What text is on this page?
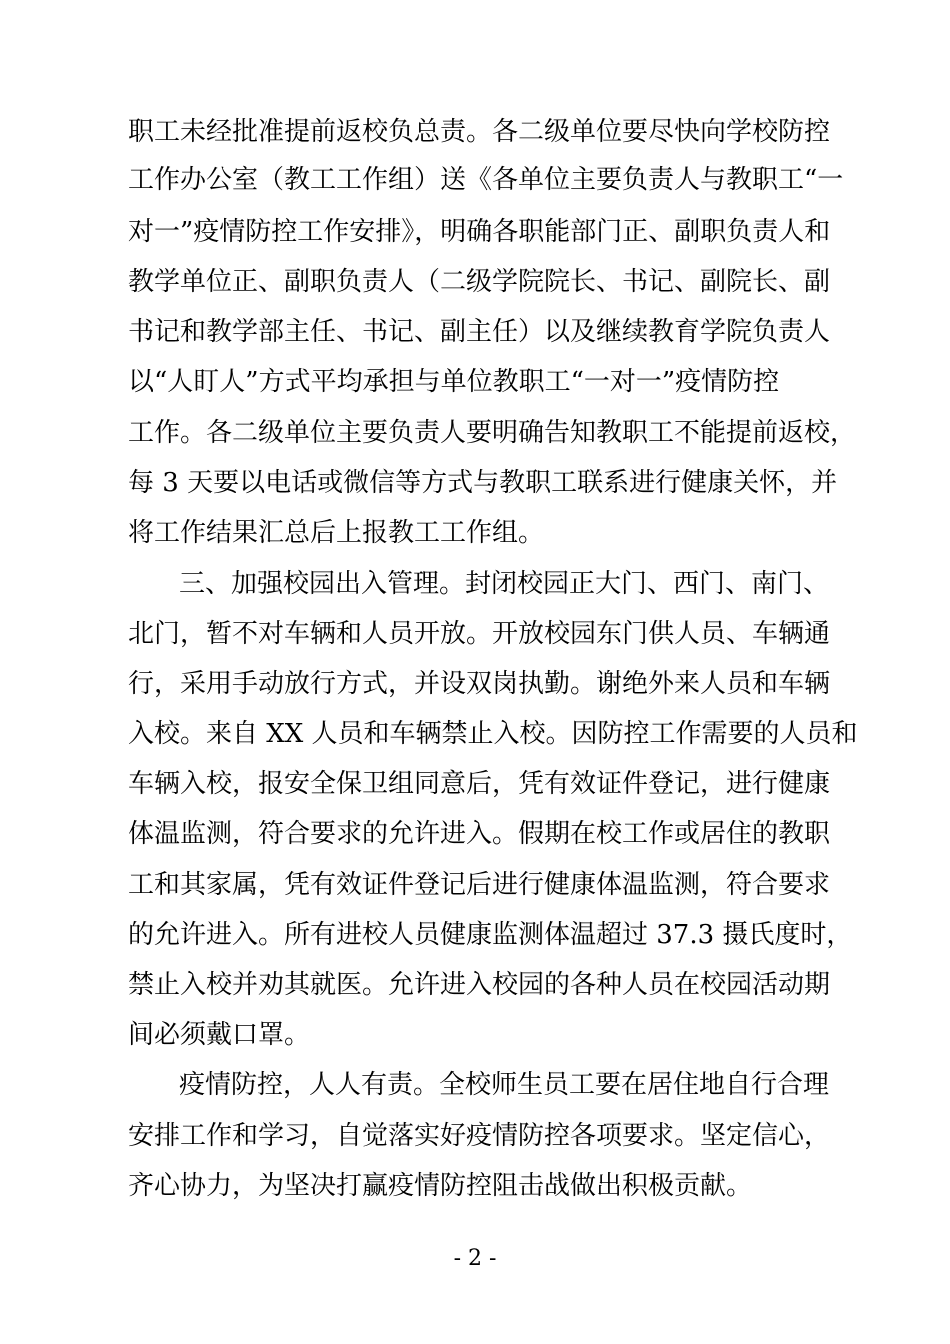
职工未经批准提前返校负总责。各二级单位要尽快向学校防控
工作办公室（教工工作组）送《各单位主要负责人与教职工“一
对一”疫情防控工作安排》，明确各职能部门正、副职负责人和
教学单位正、副职负责人（二级学院院长、书记、副院长、副
书记和教学部主任、书记、副主任）以及继续教育学院负责人
以“人盯人”方式平均承担与单位教职工“一对一”疫情防控
工作。各二级单位主要负责人要明确告知教职工不能提前返校，
每 3 天要以电话或微信等方式与教职工联系进行健康关怀，并
将工作结果汇总后上报教工工作组。
三、加强校园出入管理。封闭校园正大门、西门、南门、
北门，暂不对车辆和人员开放。开放校园东门供人员、车辆通
行，采用手动放行方式，并设双岗执勤。谢绝外来人员和车辆
入校。来自 XX 人员和车辆禁止入校。因防控工作需要的人员和
车辆入校，报安全保卫组同意后，凭有效证件登记，进行健康
体温监测，符合要求的允许进入。假期在校工作或居住的教职
工和其家属，凭有效证件登记后进行健康体温监测，符合要求
的允许进入。所有进校人员健康监测体温超过 37.3 摄氏度时，
禁止入校并劝其就医。允许进入校园的各种人员在校园活动期
间必须戴口罩。
疫情防控，人人有责。全校师生员工要在居住地自行合理
安排工作和学习，自觉落实好疫情防控各项要求。坚定信心，
齐心协力，为坚决打赢疫情防控阻击战做出积极贡献。
- 2 -
